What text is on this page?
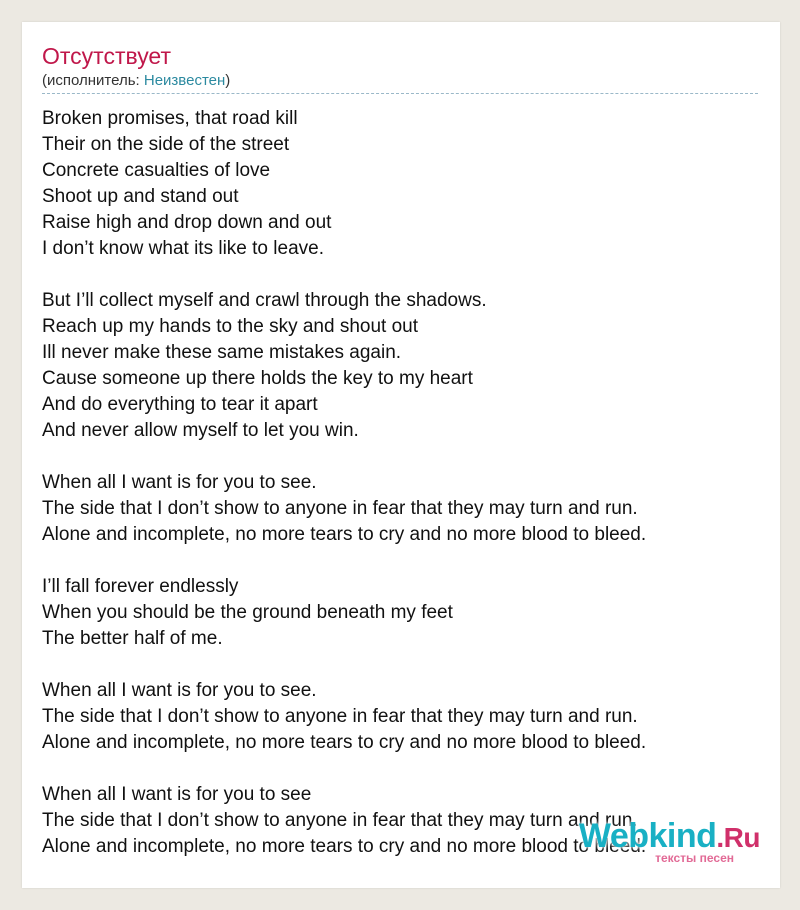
Отсутствует
(исполнитель: Неизвестен)
Broken promises, that road kill
Their on the side of the street
Concrete casualties of love
Shoot up and stand out
Raise high and drop down and out
I don’t know what its like to leave.
But I’ll collect myself and crawl through the shadows.
Reach up my hands to the sky and shout out
Ill never make these same mistakes again.
Cause someone up there holds the key to my heart
And do everything to tear it apart
And never allow myself to let you win.
When all I want is for you to see.
The side that I don’t show to anyone in fear that they may turn and run.
Alone and incomplete, no more tears to cry and no more blood to bleed.
I’ll fall forever endlessly
When you should be the ground beneath my feet
The better half of me.
When all I want is for you to see.
The side that I don’t show to anyone in fear that they may turn and run.
Alone and incomplete, no more tears to cry and no more blood to bleed.
When all I want is for you to see
The side that I don’t show to anyone in fear that they may turn and run.
Alone and incomplete, no more tears to cry and no more blood to bleed.
Webkind.Ru
тексты песен
